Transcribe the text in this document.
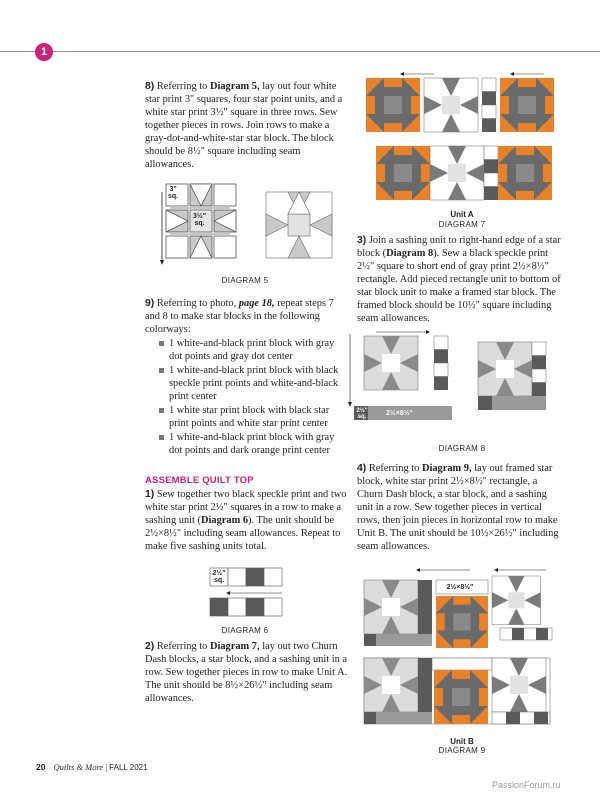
1
8) Referring to Diagram 5, lay out four white star print 3" squares, four star point units, and a white star print 3½" square in three rows. Sew together pieces in rows. Join rows to make a gray-dot-and-white-star star block. The block should be 8½" square including seam allowances.
3"
sq.
3½"
sq.
DIAGRAM 5
9) Referring to photo, page 18, repeat steps 7 and 8 to make star blocks in the following colorways:
1 white-and-black print block with gray dot points and gray dot center
1 white-and-black print block with black speckle print points and white-and-black print center
1 white star print block with black star print points and white star print center
1 white-and-black print block with gray dot points and dark orange print center
ASSEMBLE QUILT TOP
1) Sew together two black speckle print and two white star print 2½" squares in a row to make a sashing unit (Diagram 6). The unit should be 2½×8½" including seam allowances. Repeat to make five sashing units total.
2½"
sq.
DIAGRAM 6
2) Referring to Diagram 7, lay out two Churn Dash blocks, a star block, and a sashing unit in a row. Sew together pieces in row to make Unit A. The unit should be 8½×26½" including seam allowances.
Unit A
DIAGRAM 7
3) Join a sashing unit to right-hand edge of a star block (Diagram 8). Sew a black speckle print 2½" square to short end of gray print 2½×8½" rectangle. Add pieced rectangle unit to bottom of star block unit to make a framed star block. The framed block should be 10½" square including seam allowances.
2½"
sq.	2½×8½"
DIAGRAM 8
4) Referring to Diagram 9, lay out framed star block, white star print 2½×8½" rectangle, a Churn Dash block, a star block, and a sashing unit in a row. Sew together pieces in vertical rows, then join pieces in horizontal row to make Unit B. The unit should be 10½×26½" including seam allowances.
2½×8½"
Unit B
DIAGRAM 9
20 Quilts & More | FALL 2021
PassionForum.ru
